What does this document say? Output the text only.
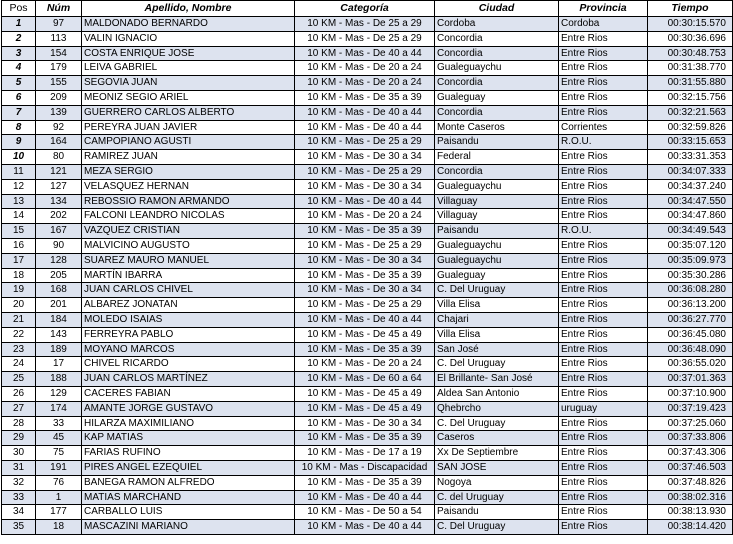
Pos	Núm	Apellido, Nombre	Categoría	Ciudad	Provincia	Tiempo
1	97	MALDONADO BERNARDO	10 KM - Mas - De 25 a 29	Cordoba	Cordoba	00:30:15.570
2	113	VALIN IGNACIO	10 KM - Mas - De 25 a 29	Concordia	Entre Rios	00:30:36.696
3	154	COSTA ENRIQUE JOSE	10 KM - Mas - De 40 a 44	Concordia	Entre Rios	00:30:48.753
4	179	LEIVA GABRIEL	10 KM - Mas - De 20 a 24	Gualeguaychu	Entre Rios	00:31:38.770
5	155	SEGOVIA JUAN	10 KM - Mas - De 20 a 24	Concordia	Entre Rios	00:31:55.880
6	209	MEONIZ SEGIO ARIEL	10 KM - Mas - De 35 a 39	Gualeguay	Entre Rios	00:32:15.756
7	139	GUERRERO CARLOS ALBERTO	10 KM - Mas - De 40 a 44	Concordia	Entre Rios	00:32:21.563
8	92	PEREYRA JUAN JAVIER	10 KM - Mas - De 40 a 44	Monte Caseros	Corrientes	00:32:59.826
9	164	CAMPOPIANO AGUSTI	10 KM - Mas - De 25 a 29	Paisandu	R.O.U.	00:33:15.653
10	80	RAMIREZ JUAN	10 KM - Mas - De 30 a 34	Federal	Entre Rios	00:33:31.353
11	121	MEZA SERGIO	10 KM - Mas - De 25 a 29	Concordia	Entre Rios	00:34:07.333
12	127	VELASQUEZ HERNAN	10 KM - Mas - De 30 a 34	Gualeguaychu	Entre Rios	00:34:37.240
13	134	REBOSSIO RAMON ARMANDO	10 KM - Mas - De 40 a 44	Villaguay	Entre Rios	00:34:47.550
14	202	FALCONI LEANDRO NICOLAS	10 KM - Mas - De 20 a 24	Villaguay	Entre Rios	00:34:47.860
15	167	VAZQUEZ CRISTIAN	10 KM - Mas - De 35 a 39	Paisandu	R.O.U.	00:34:49.543
16	90	MALVICINO AUGUSTO	10 KM - Mas - De 25 a 29	Gualeguaychu	Entre Rios	00:35:07.120
17	128	SUAREZ MAURO MANUEL	10 KM - Mas - De 30 a 34	Gualeguaychu	Entre Rios	00:35:09.973
18	205	MARTÍN IBARRA	10 KM - Mas - De 35 a 39	Gualeguay	Entre Rios	00:35:30.286
19	168	JUAN CARLOS CHIVEL	10 KM - Mas - De 30 a 34	C. Del Uruguay	Entre Rios	00:36:08.280
20	201	ALBAREZ JONATAN	10 KM - Mas - De 25 a 29	Villa Elisa	Entre Rios	00:36:13.200
21	184	MOLEDO ISAIAS	10 KM - Mas - De 40 a 44	Chajari	Entre Rios	00:36:27.770
22	143	FERREYRA PABLO	10 KM - Mas - De 45 a 49	Villa Elisa	Entre Rios	00:36:45.080
23	189	MOYANO MARCOS	10 KM - Mas - De 35 a 39	San José	Entre Rios	00:36:48.090
24	17	CHIVEL RICARDO	10 KM - Mas - De 20 a 24	C. Del Uruguay	Entre Rios	00:36:55.020
25	188	JUAN CARLOS MARTÍNEZ	10 KM - Mas - De 60 a 64	El Brillante- San José	Entre Rios	00:37:01.363
26	129	CACERES FABIAN	10 KM - Mas - De 45 a 49	Aldea San Antonio	Entre Rios	00:37:10.900
27	174	AMANTE JORGE GUSTAVO	10 KM - Mas - De 45 a 49	Qhebrcho	uruguay	00:37:19.423
28	33	HILARZA MAXIMILIANO	10 KM - Mas - De 30 a 34	C. Del Uruguay	Entre Rios	00:37:25.060
29	45	KAP MATIAS	10 KM - Mas - De 35 a 39	Caseros	Entre Rios	00:37:33.806
30	75	FARIAS RUFINO	10 KM - Mas - De 17 a 19	Xx De Septiembre	Entre Rios	00:37:43.306
31	191	PIRES ANGEL EZEQUIEL	10 KM - Mas - Discapacidad	SAN JOSE	Entre Rios	00:37:46.503
32	76	BANEGA RAMON ALFREDO	10 KM - Mas - De 35 a 39	Nogoya	Entre Rios	00:37:48.826
33	1	MATIAS MARCHAND	10 KM - Mas - De 40 a 44	C. del Uruguay	Entre Rios	00:38:02.316
34	177	CARBALLO LUIS	10 KM - Mas - De 50 a 54	Paisandu	Entre Rios	00:38:13.930
35	18	MASCAZINI MARIANO	10 KM - Mas - De 40 a 44	C. Del Uruguay	Entre Rios	00:38:14.420
